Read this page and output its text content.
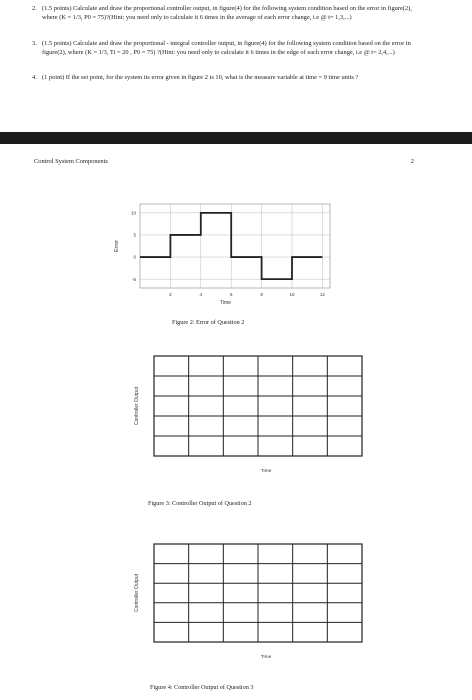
2. (1.5 points) Calculate and draw the proportional controller output, in figure(4) for the following system condition based on the error in figure(2), where (K = 1/3, P0 = 75)?(Hint: you need only to calculate it 6 times in the average of each error change, i.e @ t= 1,3,...)
3. (1.5 points) Calculate and draw the proportional - integral controller output, in figure(4) for the following system condition based on the error in figure(2), where (K = 1/3, Ti = 20 , P0 = 75) ?(Hint: you need only to calculate it 6 times in the edge of each error change, i.e @ t= 2,4,...)
4. (1 point) If the set point, for the system its error given in figure 2 is 10, what is the measure variable at time = 9 time units ?
Control System Components	2
2	4	6	8	10	12
10
5
0
-5
Error
Time
Figure 2: Error of Question 2
Controller Output
Time
Figure 3: Controller Output of Question 2
Controller Output
Time
Figure 4: Controller Output of Question 3
